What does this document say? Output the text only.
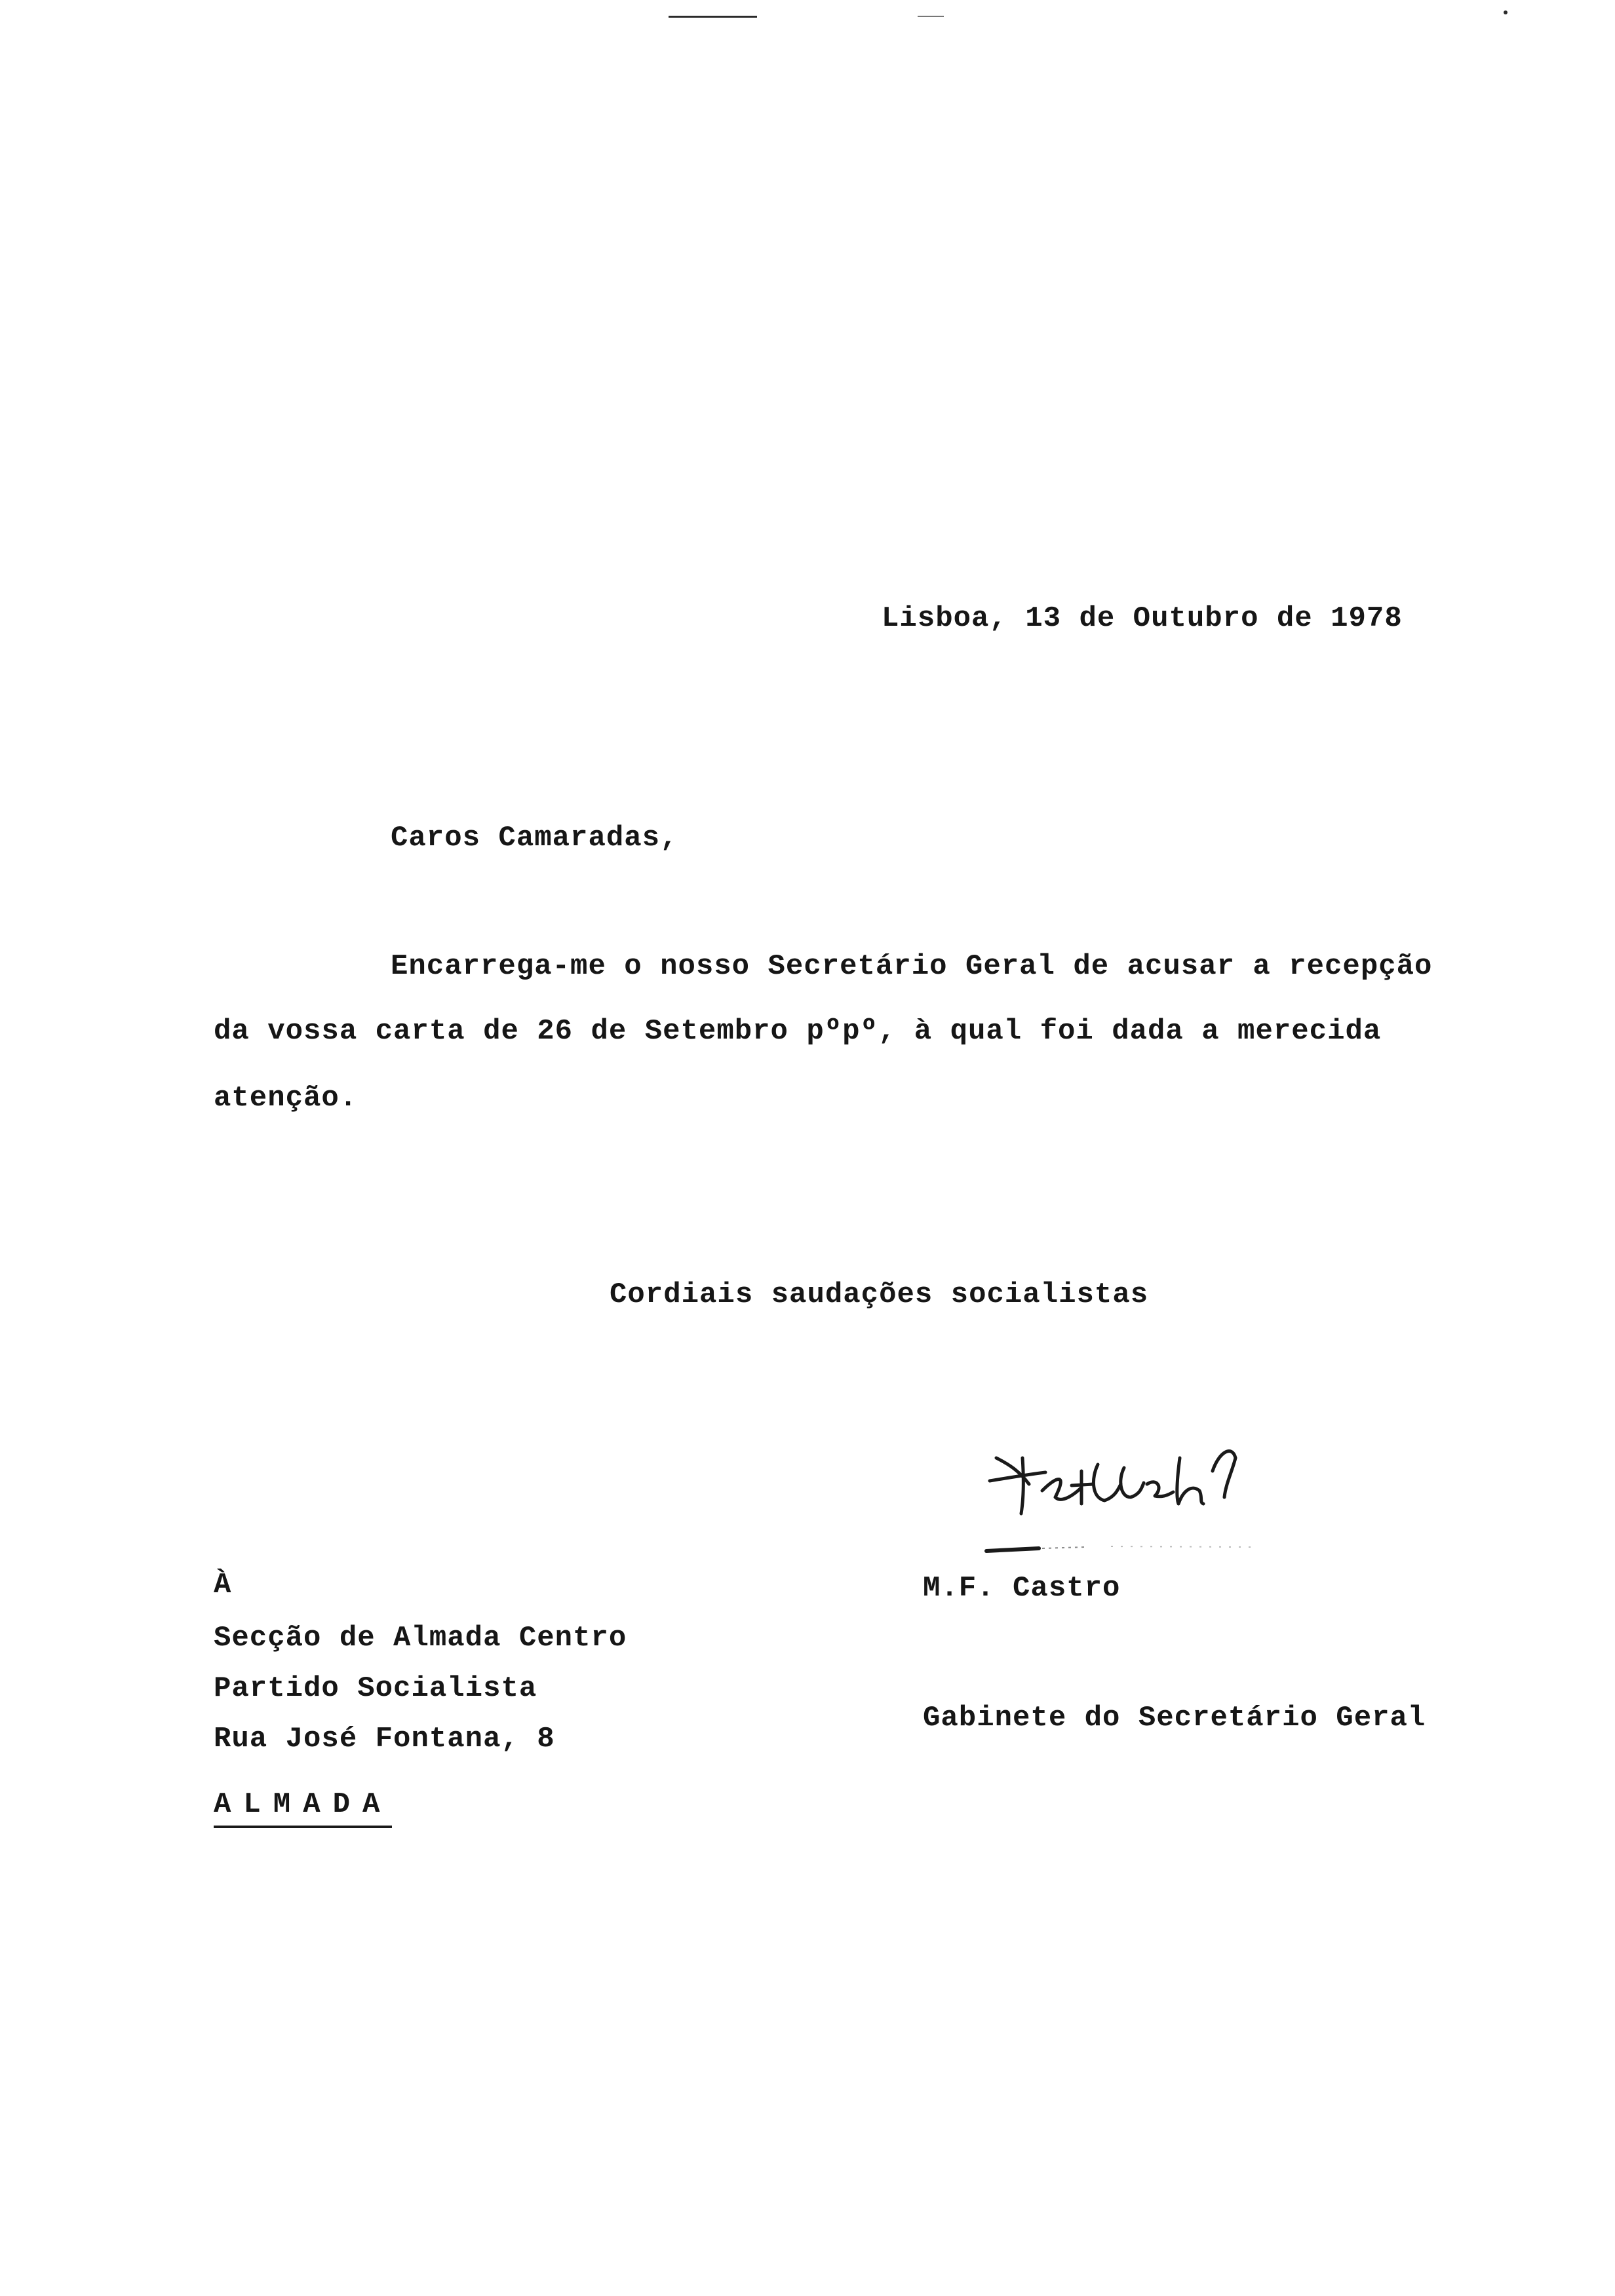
Lisboa, 13 de Outubro de 1978
Caros Camaradas,
Encarrega-me o nosso Secretário Geral de acusar a recepção
da vossa carta de 26 de Setembro pºpº, à qual foi dada a merecida
atenção.
Cordiais saudações socialistas
À
Secção de Almada Centro
Partido Socialista
Rua José Fontana, 8
ALMADA
M.F. Castro
Gabinete do Secretário Geral
